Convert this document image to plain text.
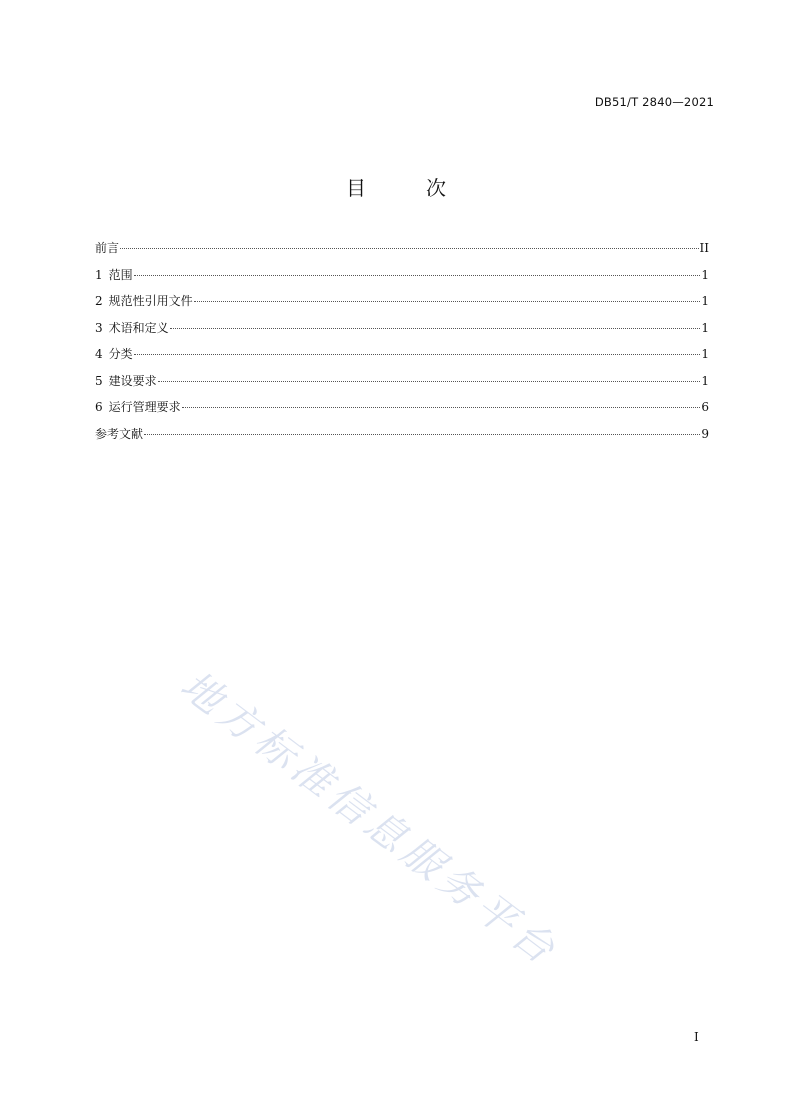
DB51/T 2840—2021
目次
前言	II
1 范围	1
2 规范性引用文件	1
3 术语和定义	1
4 分类	1
5 建设要求	1
6 运行管理要求	6
参考文献	9
地方标准信息服务平台
I
